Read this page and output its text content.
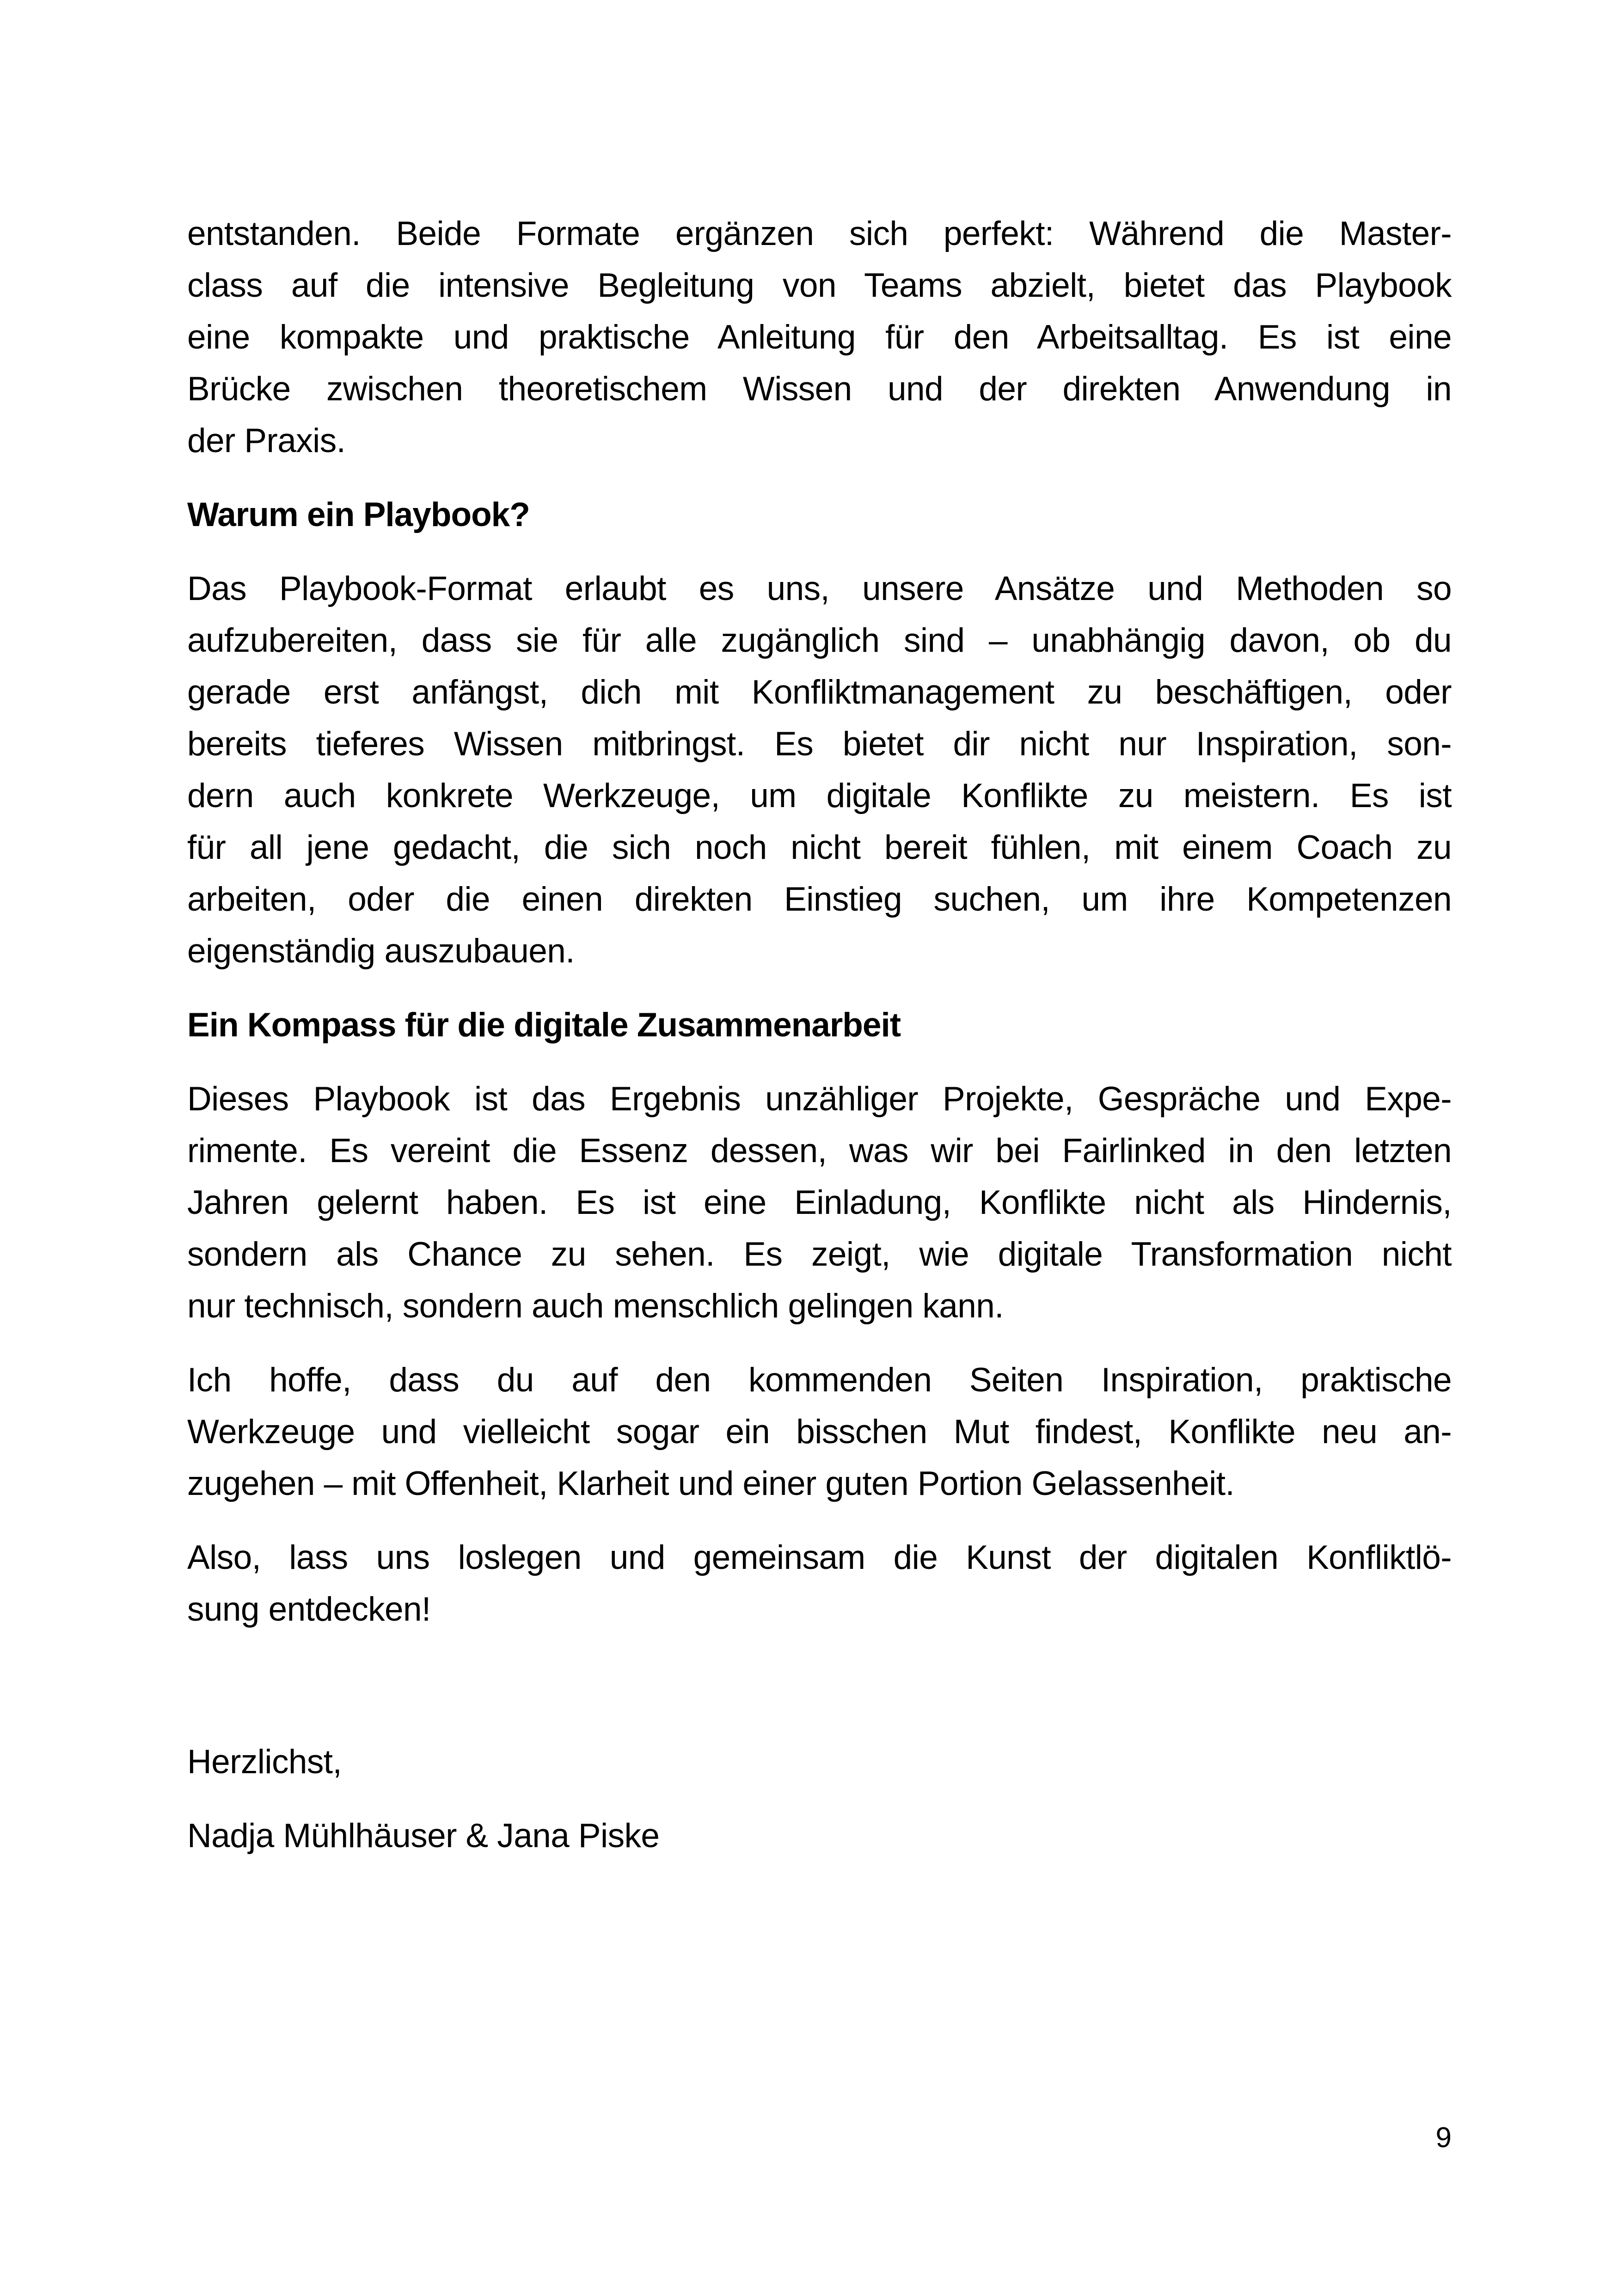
entstanden. Beide Formate ergänzen sich perfekt: Während die Master-
class auf die intensive Begleitung von Teams abzielt, bietet das Playbook
eine kompakte und praktische Anleitung für den Arbeitsalltag. Es ist eine
Brücke zwischen theoretischem Wissen und der direkten Anwendung in
der Praxis.
Warum ein Playbook?
Das Playbook-Format erlaubt es uns, unsere Ansätze und Methoden so
aufzubereiten, dass sie für alle zugänglich sind – unabhängig davon, ob du
gerade erst anfängst, dich mit Konfliktmanagement zu beschäftigen, oder
bereits tieferes Wissen mitbringst. Es bietet dir nicht nur Inspiration, son-
dern auch konkrete Werkzeuge, um digitale Konflikte zu meistern. Es ist
für all jene gedacht, die sich noch nicht bereit fühlen, mit einem Coach zu
arbeiten, oder die einen direkten Einstieg suchen, um ihre Kompetenzen
eigenständig auszubauen.
Ein Kompass für die digitale Zusammenarbeit
Dieses Playbook ist das Ergebnis unzähliger Projekte, Gespräche und Expe-
rimente. Es vereint die Essenz dessen, was wir bei Fairlinked in den letzten
Jahren gelernt haben. Es ist eine Einladung, Konflikte nicht als Hindernis,
sondern als Chance zu sehen. Es zeigt, wie digitale Transformation nicht
nur technisch, sondern auch menschlich gelingen kann.
Ich hoffe, dass du auf den kommenden Seiten Inspiration, praktische
Werkzeuge und vielleicht sogar ein bisschen Mut findest, Konflikte neu an-
zugehen – mit Offenheit, Klarheit und einer guten Portion Gelassenheit.
Also, lass uns loslegen und gemeinsam die Kunst der digitalen Konfliktlö-
sung entdecken!
Herzlichst,
Nadja Mühlhäuser & Jana Piske
9
